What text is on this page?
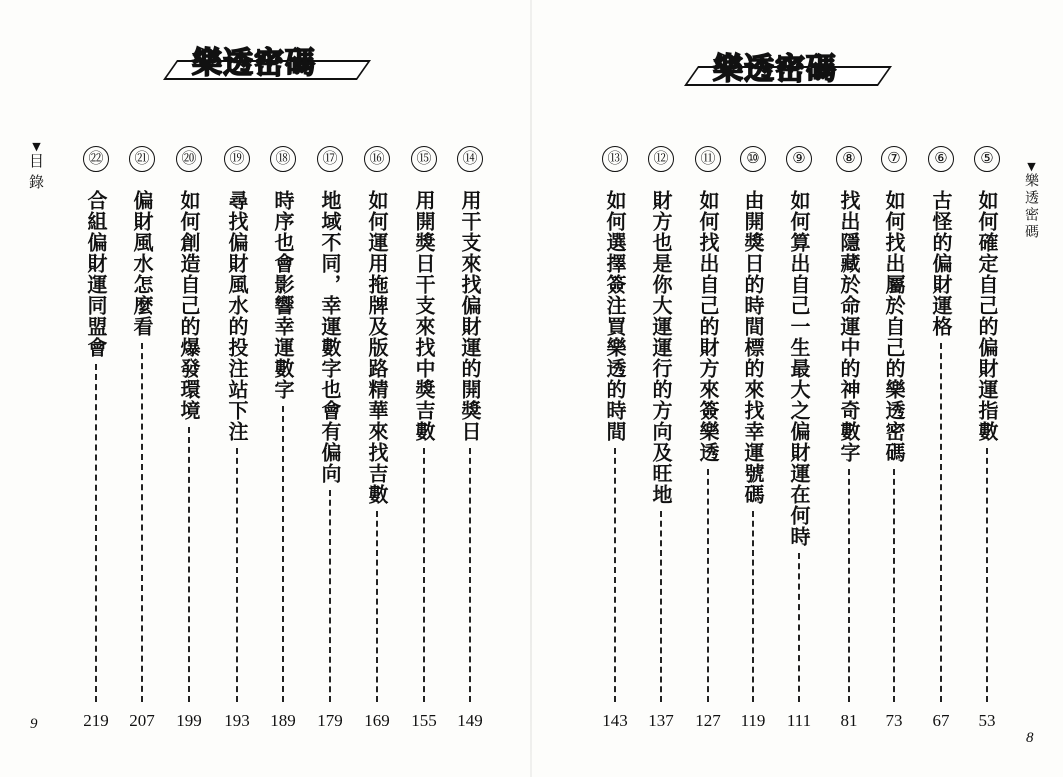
樂透密碼
▼目錄	㉒
合組偏財運同盟會
219
㉑
偏財風水怎麼看
207
⑳
如何創造自己的爆發環境
199
⑲
尋找偏財風水的投注站下注
193
⑱
時序也會影響幸運數字
189
⑰
地域不同，幸運數字也會有偏向
179
⑯
如何運用拖牌及版路精華來找吉數
169
⑮
用開獎日干支來找中獎吉數
155
⑭
用干支來找偏財運的開獎日
149
9
樂透密碼
▼樂透密碼
⑬
如何選擇簽注買樂透的時間
143
⑫
財方也是你大運運行的方向及旺地
137
⑪
如何找出自己的財方來簽樂透
127
⑩
由開獎日的時間標的來找幸運號碼
119
⑨
如何算出自己一生最大之偏財運在何時
111
⑧
找出隱藏於命運中的神奇數字
81
⑦
如何找出屬於自己的樂透密碼
73
⑥
古怪的偏財運格
67
⑤
如何確定自己的偏財運指數
53
8
